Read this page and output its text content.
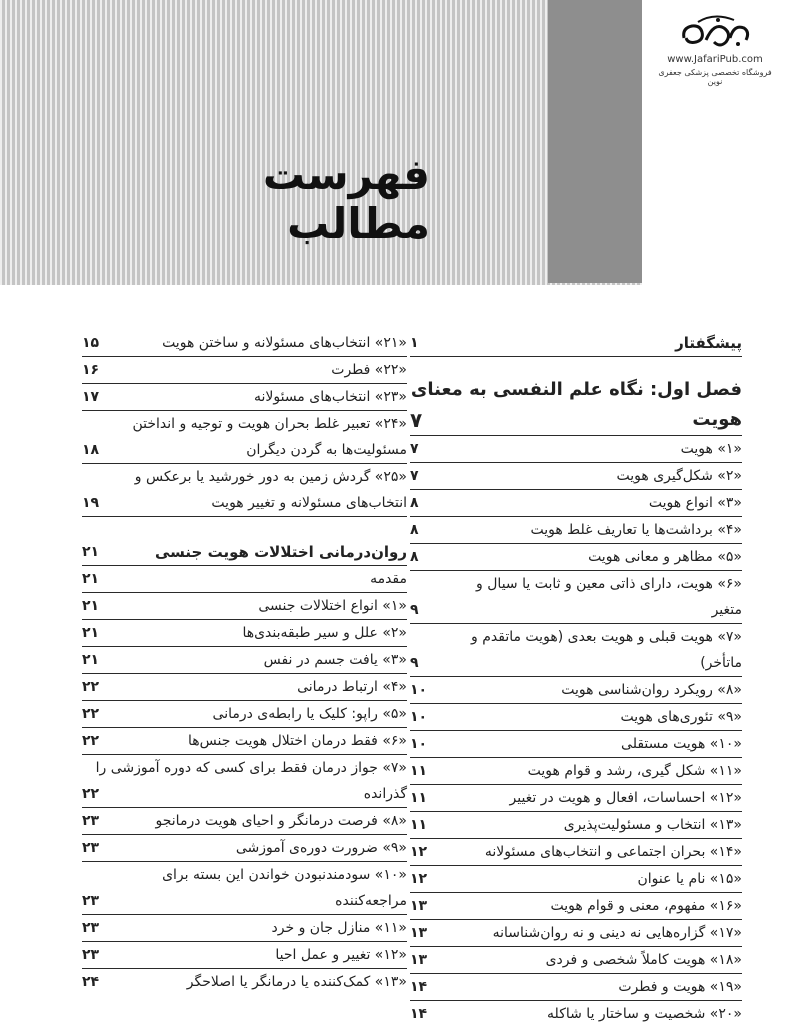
www.JafariPub.com
فروشگاه تخصصی پزشکی جعفری نوین
فهرست مطالب
پیشگفتار
۱
فصل اول: نگاه علم النفسی به معنای
هویت
۷
«۱» هویت
۷
«۲» شکل‌گیری هویت
۷
«۳» انواع هویت
۸
«۴» برداشت‌ها یا تعاریف غلط هویت
۸
«۵» مظاهر و معانی هویت
۸
«۶» هویت، دارای ذاتی معین و ثابت یا سیال و
متغیر
۹
«۷» هویت قبلی و هویت بعدی (هویت ماتقدم و
ماتأخر)
۹
«۸» رویکرد روان‌شناسی هویت
۱۰
«۹» تئوری‌های هویت
۱۰
«۱۰» هویت مستقلی
۱۰
«۱۱» شکل گیری، رشد و قوام هویت
۱۱
«۱۲» احساسات، افعال و هویت در تغییر
۱۱
«۱۳» انتخاب و مسئولیت‌پذیری
۱۱
«۱۴» بحران اجتماعی و انتخاب‌های مسئولانه
۱۲
«۱۵» نام یا عنوان
۱۲
«۱۶» مفهوم، معنی و قوام هویت
۱۳
«۱۷» گزاره‌هایی نه دینی و نه روان‌شناسانه
۱۳
«۱۸» هویت کاملاً شخصی و فردی
۱۳
«۱۹» هویت و فطرت
۱۴
«۲۰» شخصیت و ساختار یا شاکله
۱۴
«۲۱» انتخاب‌های مسئولانه و ساختن هویت
۱۵
«۲۲» فطرت
۱۶
«۲۳» انتخاب‌های مسئولانه
۱۷
«۲۴» تعبیر غلط بحران هویت و توجیه و انداختن
مسئولیت‌ها به گردن دیگران
۱۸
«۲۵» گردش زمین به دور خورشید یا برعکس و
انتخاب‌های مسئولانه و تغییر هویت
۱۹
روان‌درمانی اختلالات هویت جنسی
۲۱
مقدمه
۲۱
«۱» انواع اختلالات جنسی
۲۱
«۲» علل و سیر طبقه‌بندی‌ها
۲۱
«۳» یافت جسم در نفس
۲۱
«۴» ارتباط درمانی
۲۲
«۵» راپو: کلیک یا رابطه‌ی درمانی
۲۲
«۶» فقط درمان اختلال هویت جنس‌ها
۲۲
«۷» جواز درمان فقط برای کسی که دوره آموزشی را
گذرانده
۲۲
«۸» فرصت درمانگر و احیای هویت درمانجو
۲۳
«۹» ضرورت دوره‌ی آموزشی
۲۳
«۱۰» سودمندنبودن خواندن این بسته برای
مراجعه‌کننده
۲۳
«۱۱» منازل جان و خرد
۲۳
«۱۲» تغییر و عمل احیا
۲۳
«۱۳» کمک‌کننده یا درمانگر یا اصلاحگر
۲۴
